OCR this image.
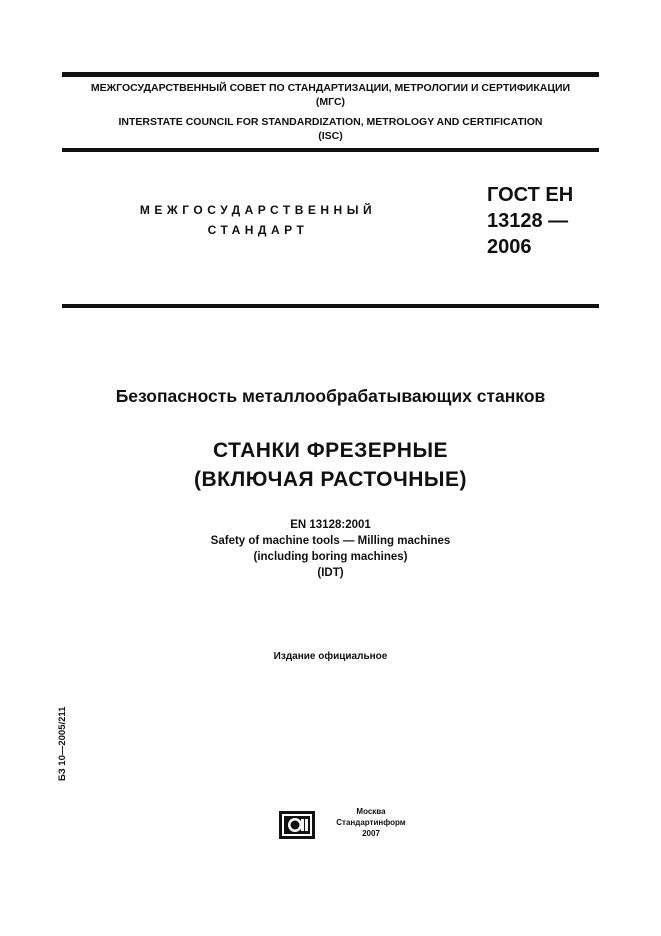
МЕЖГОСУДАРСТВЕННЫЙ СОВЕТ ПО СТАНДАРТИЗАЦИИ, МЕТРОЛОГИИ И СЕРТИФИКАЦИИ
(МГС)
INTERSTATE COUNCIL FOR STANDARDIZATION, METROLOGY AND CERTIFICATION
(ISC)
МЕЖГОСУДАРСТВЕННЫЙ
СТАНДАРТ
ГОСТ ЕН
13128 —
2006
Безопасность металлообрабатывающих станков
СТАНКИ ФРЕЗЕРНЫЕ
(ВКЛЮЧАЯ РАСТОЧНЫЕ)
EN 13128:2001
Safety of machine tools — Milling machines
(including boring machines)
(IDT)
Издание официальное
БЗ 10—2005/211
Москва
Стандартинформ
2007
